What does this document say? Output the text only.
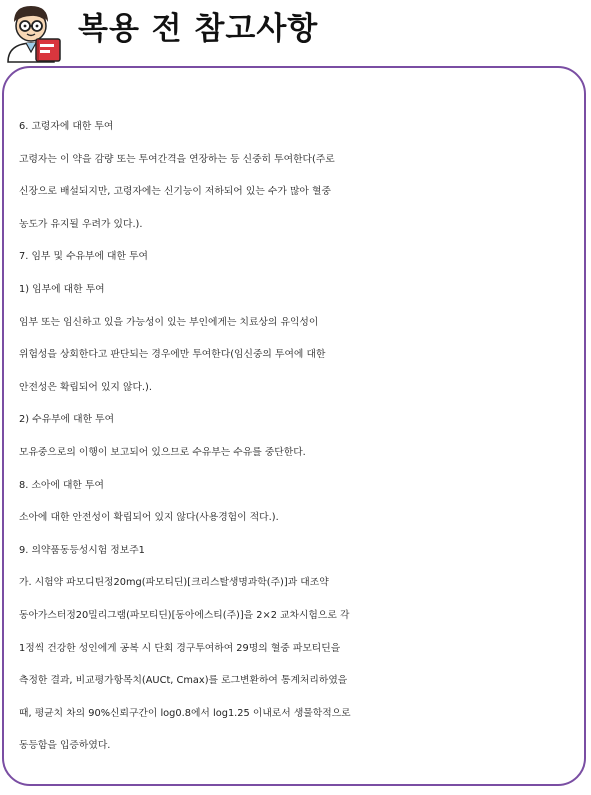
복용 전 참고사항
6. 고령자에 대한 투여
고령자는 이 약을 감량 또는 투여간격을 연장하는 등 신중히 투여한다(주로
신장으로 배설되지만, 고령자에는 신기능이 저하되어 있는 수가 많아 혈중
농도가 유지될 우려가 있다.).
7. 임부 및 수유부에 대한 투여
1) 임부에 대한 투여
임부 또는 임신하고 있을 가능성이 있는 부인에게는 치료상의 유익성이
위험성을 상회한다고 판단되는 경우에만 투여한다(임신중의 투여에 대한
안전성은 확립되어 있지 않다.).
2) 수유부에 대한 투여
모유중으로의 이행이 보고되어 있으므로 수유부는 수유를 중단한다.
8. 소아에 대한 투여
소아에 대한 안전성이 확립되어 있지 않다(사용경험이 적다.).
9. 의약품동등성시험 정보주1
가. 시험약 파모디틴정20mg(파모티딘)[크리스탈생명과학(주)]과 대조약
동아가스터정20밀리그램(파모티딘)[동아에스티(주)]을 2×2 교차시험으로 각
1정씩 건강한 성인에게 공복 시 단회 경구투여하여 29명의 혈중 파모티딘을
측정한 결과, 비교평가항목치(AUCt, Cmax)를 로그변환하여 통계처리하였을
때, 평균치 차의 90%신뢰구간이 log0.8에서 log1.25 이내로서 생물학적으로
동등함을 입증하였다.
